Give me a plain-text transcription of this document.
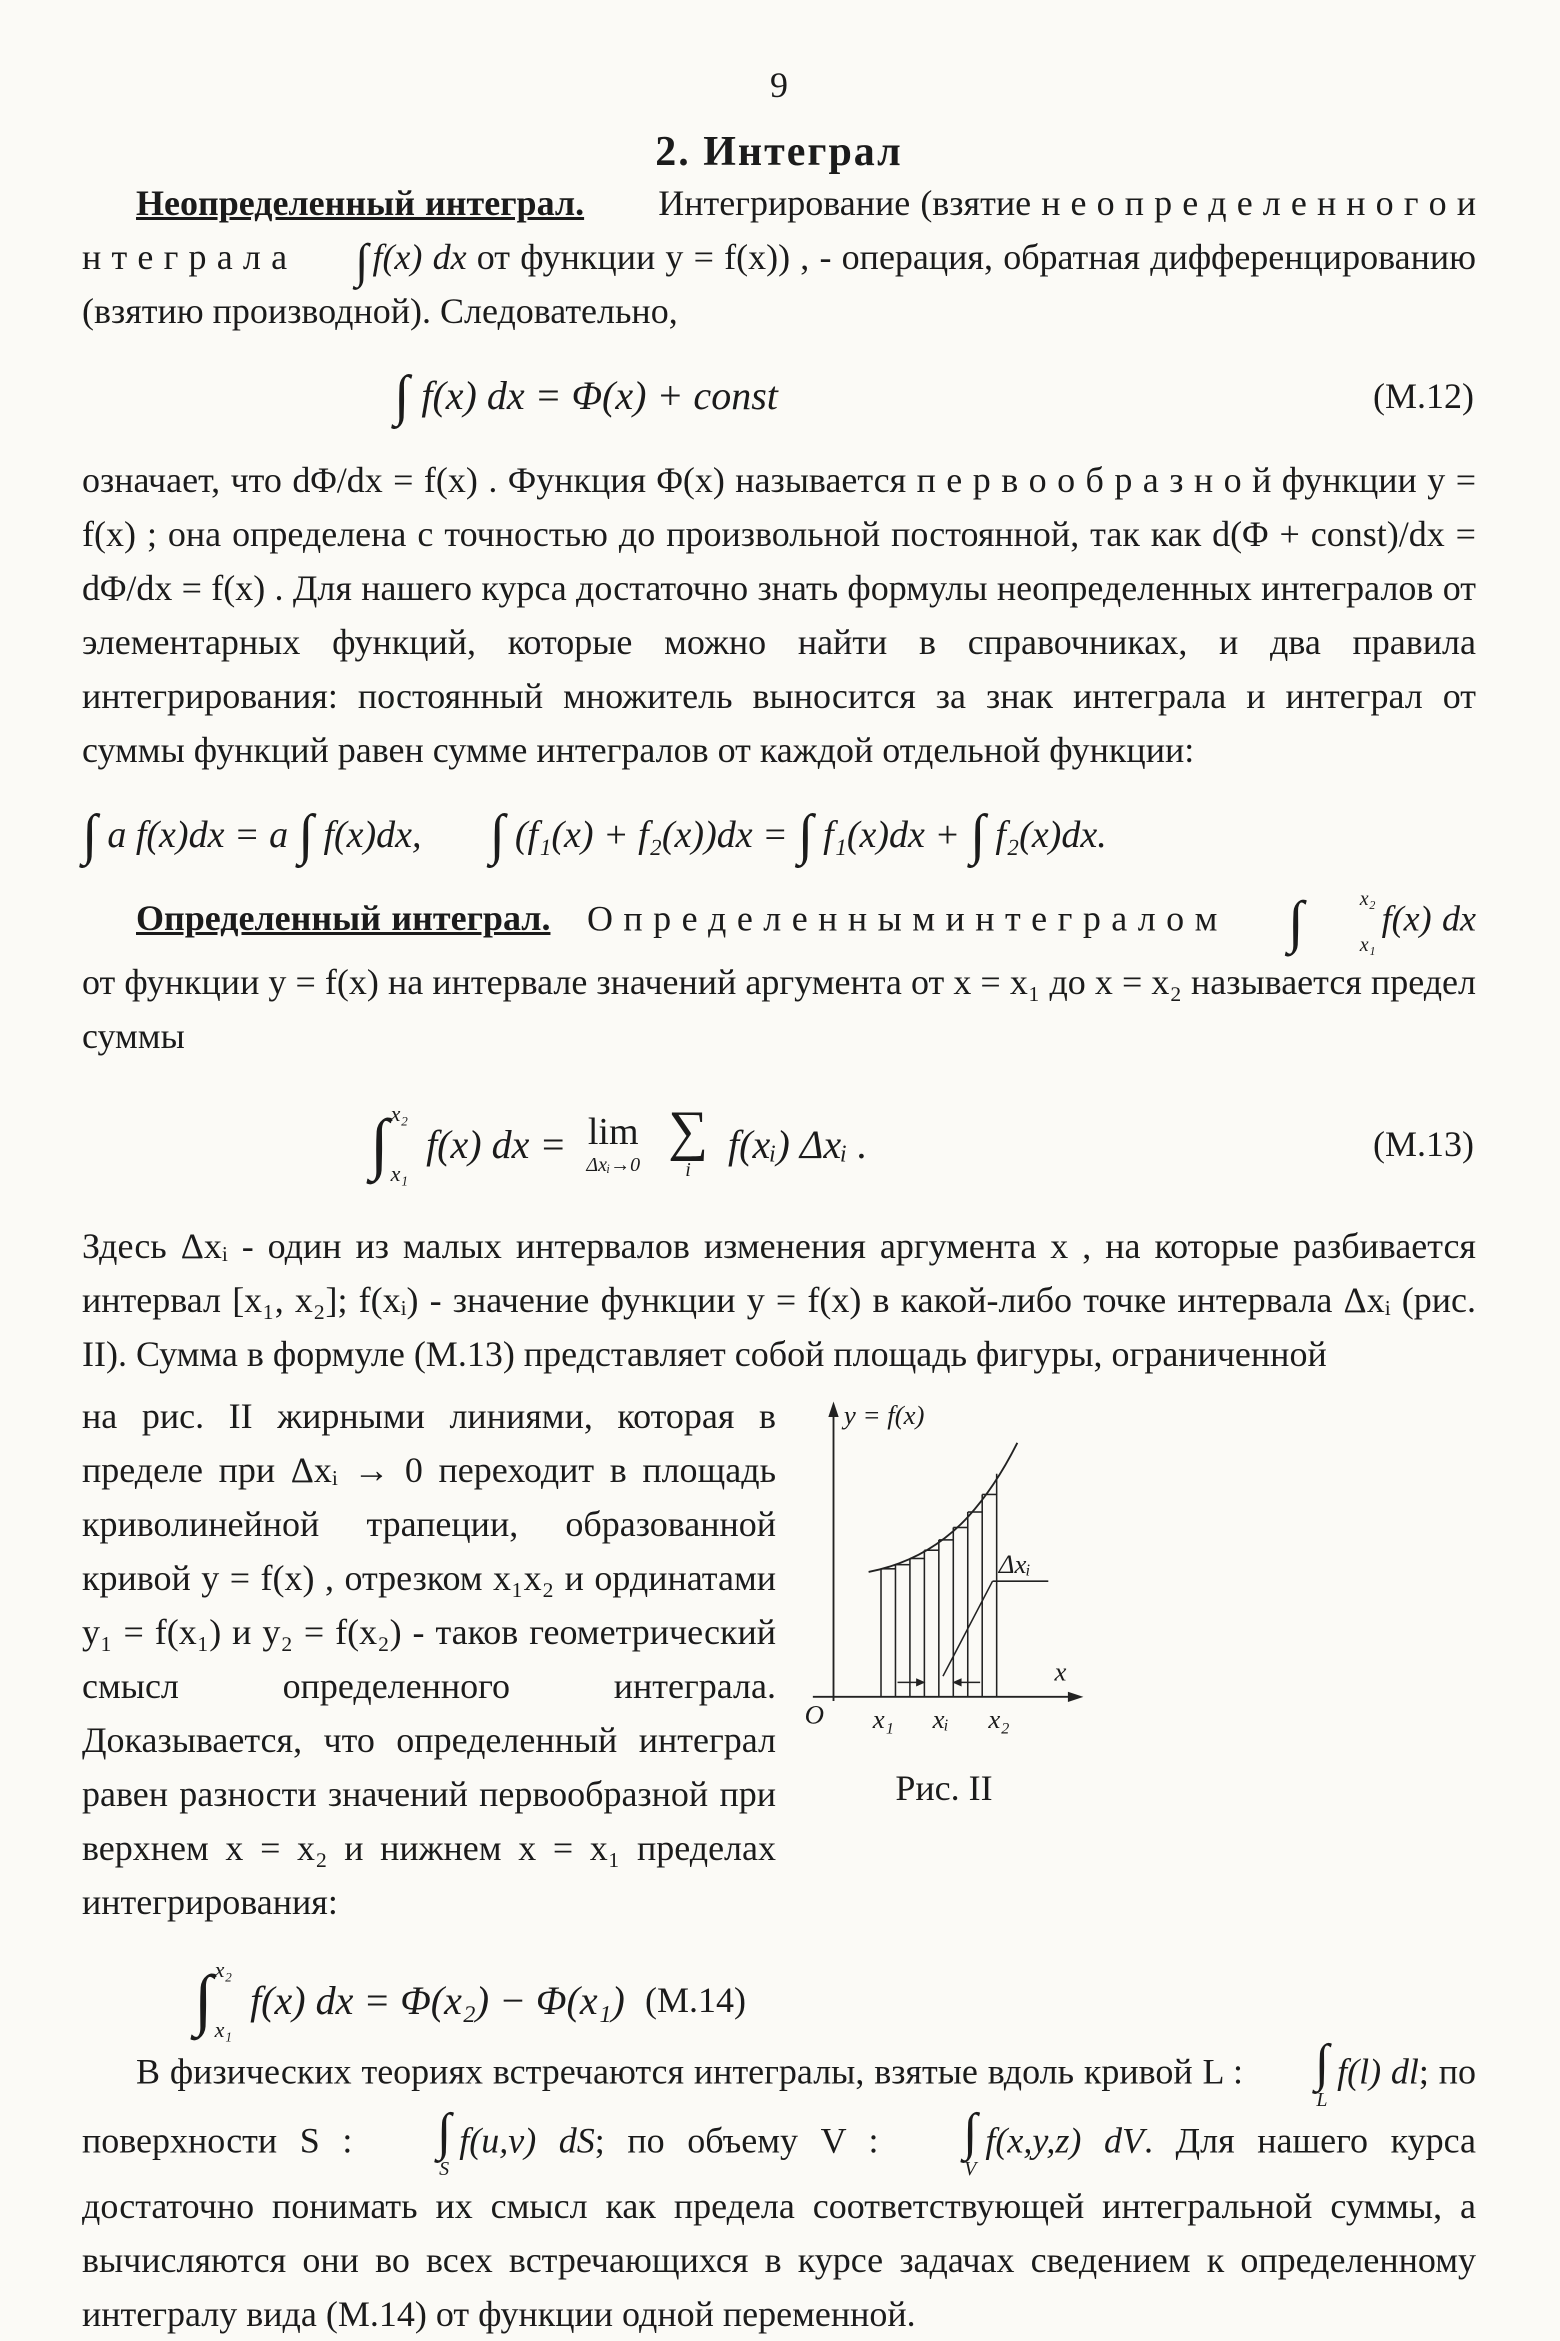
9
2. Интеграл

Неопределенный интеграл. Интегрирование (взятие н е о п р е д е л е н н о г о и н т е г р а л а ∫ f(x) dx от функции y = f(x)) , - операция, обратная дифференцированию (взятию производной). Следовательно,

∫ f(x) dx = Φ(x) + const	(М.12)

означает, что dΦ/dx = f(x) . Функция Φ(x) называется п е р в о о б р а з н о й функции y = f(x) ; она определена с точностью до произвольной постоянной, так как d(Φ + const)/dx = dΦ/dx = f(x) . Для нашего курса достаточно знать формулы неопределенных интегралов от элементарных функций, которые можно найти в справочниках, и два правила интегрирования: постоянный множитель выносится за знак интеграла и интеграл от суммы функций равен сумме интегралов от каждой отдельной функции:

∫ a f(x)dx = a ∫ f(x)dx, ∫ (f₁(x) + f₂(x))dx = ∫ f₁(x)dx + ∫ f₂(x)dx.

Определенный интеграл. О п р е д е л е н н ы м и н т е г р а л о м	∫	x₂
x₁
f(x) dx от функции y = f(x) на интервале значений аргумента от x = x₁ до x = x₂ называется предел суммы

∫ x₂
x₁
f(x) dx = lim
Δxᵢ→0
∑
i
f(xᵢ) Δxᵢ .	(М.13)

Здесь Δxᵢ - один из малых интервалов изменения аргумента x , на которые разбивается интервал [x₁, x₂]; f(xᵢ) - значение функции y = f(x) в какой-либо точке интервала Δxᵢ (рис. II). Сумма в формуле (М.13) представляет собой площадь фигуры, ограниченной

на рис. II жирными линиями, которая в пределе при Δxᵢ → 0 переходит в площадь криволинейной трапеции, образованной кривой y = f(x) , отрезком x₁x₂ и ординатами y₁ = f(x₁) и y₂ = f(x₂) - таков геометрический смысл определенного интеграла. Доказывается, что определенный интеграл равен разности значений первообразной при верхнем x = x₂ и нижнем x = x₁ пределах интегрирования:

∫ x₂
x₁
f(x) dx = Φ(x₂) − Φ(x₁) (М.14)
Δxᵢ
y = f(x)
O
x
x₁ xᵢ x₂
Рис. II

В физических теориях встречаются интегралы, взятые вдоль кривой L :	∫
L
f(l) dl; по поверхности S :	∫
S
f(u,v) dS; по объему V :	∫
V
f(x,y,z) dV. Для нашего курса достаточно понимать их смысл как предела соответствующей интегральной суммы, а вычисляются они во всех встречающихся в курсе задачах сведением к определенному интегралу вида (М.14) от функции одной переменной.
